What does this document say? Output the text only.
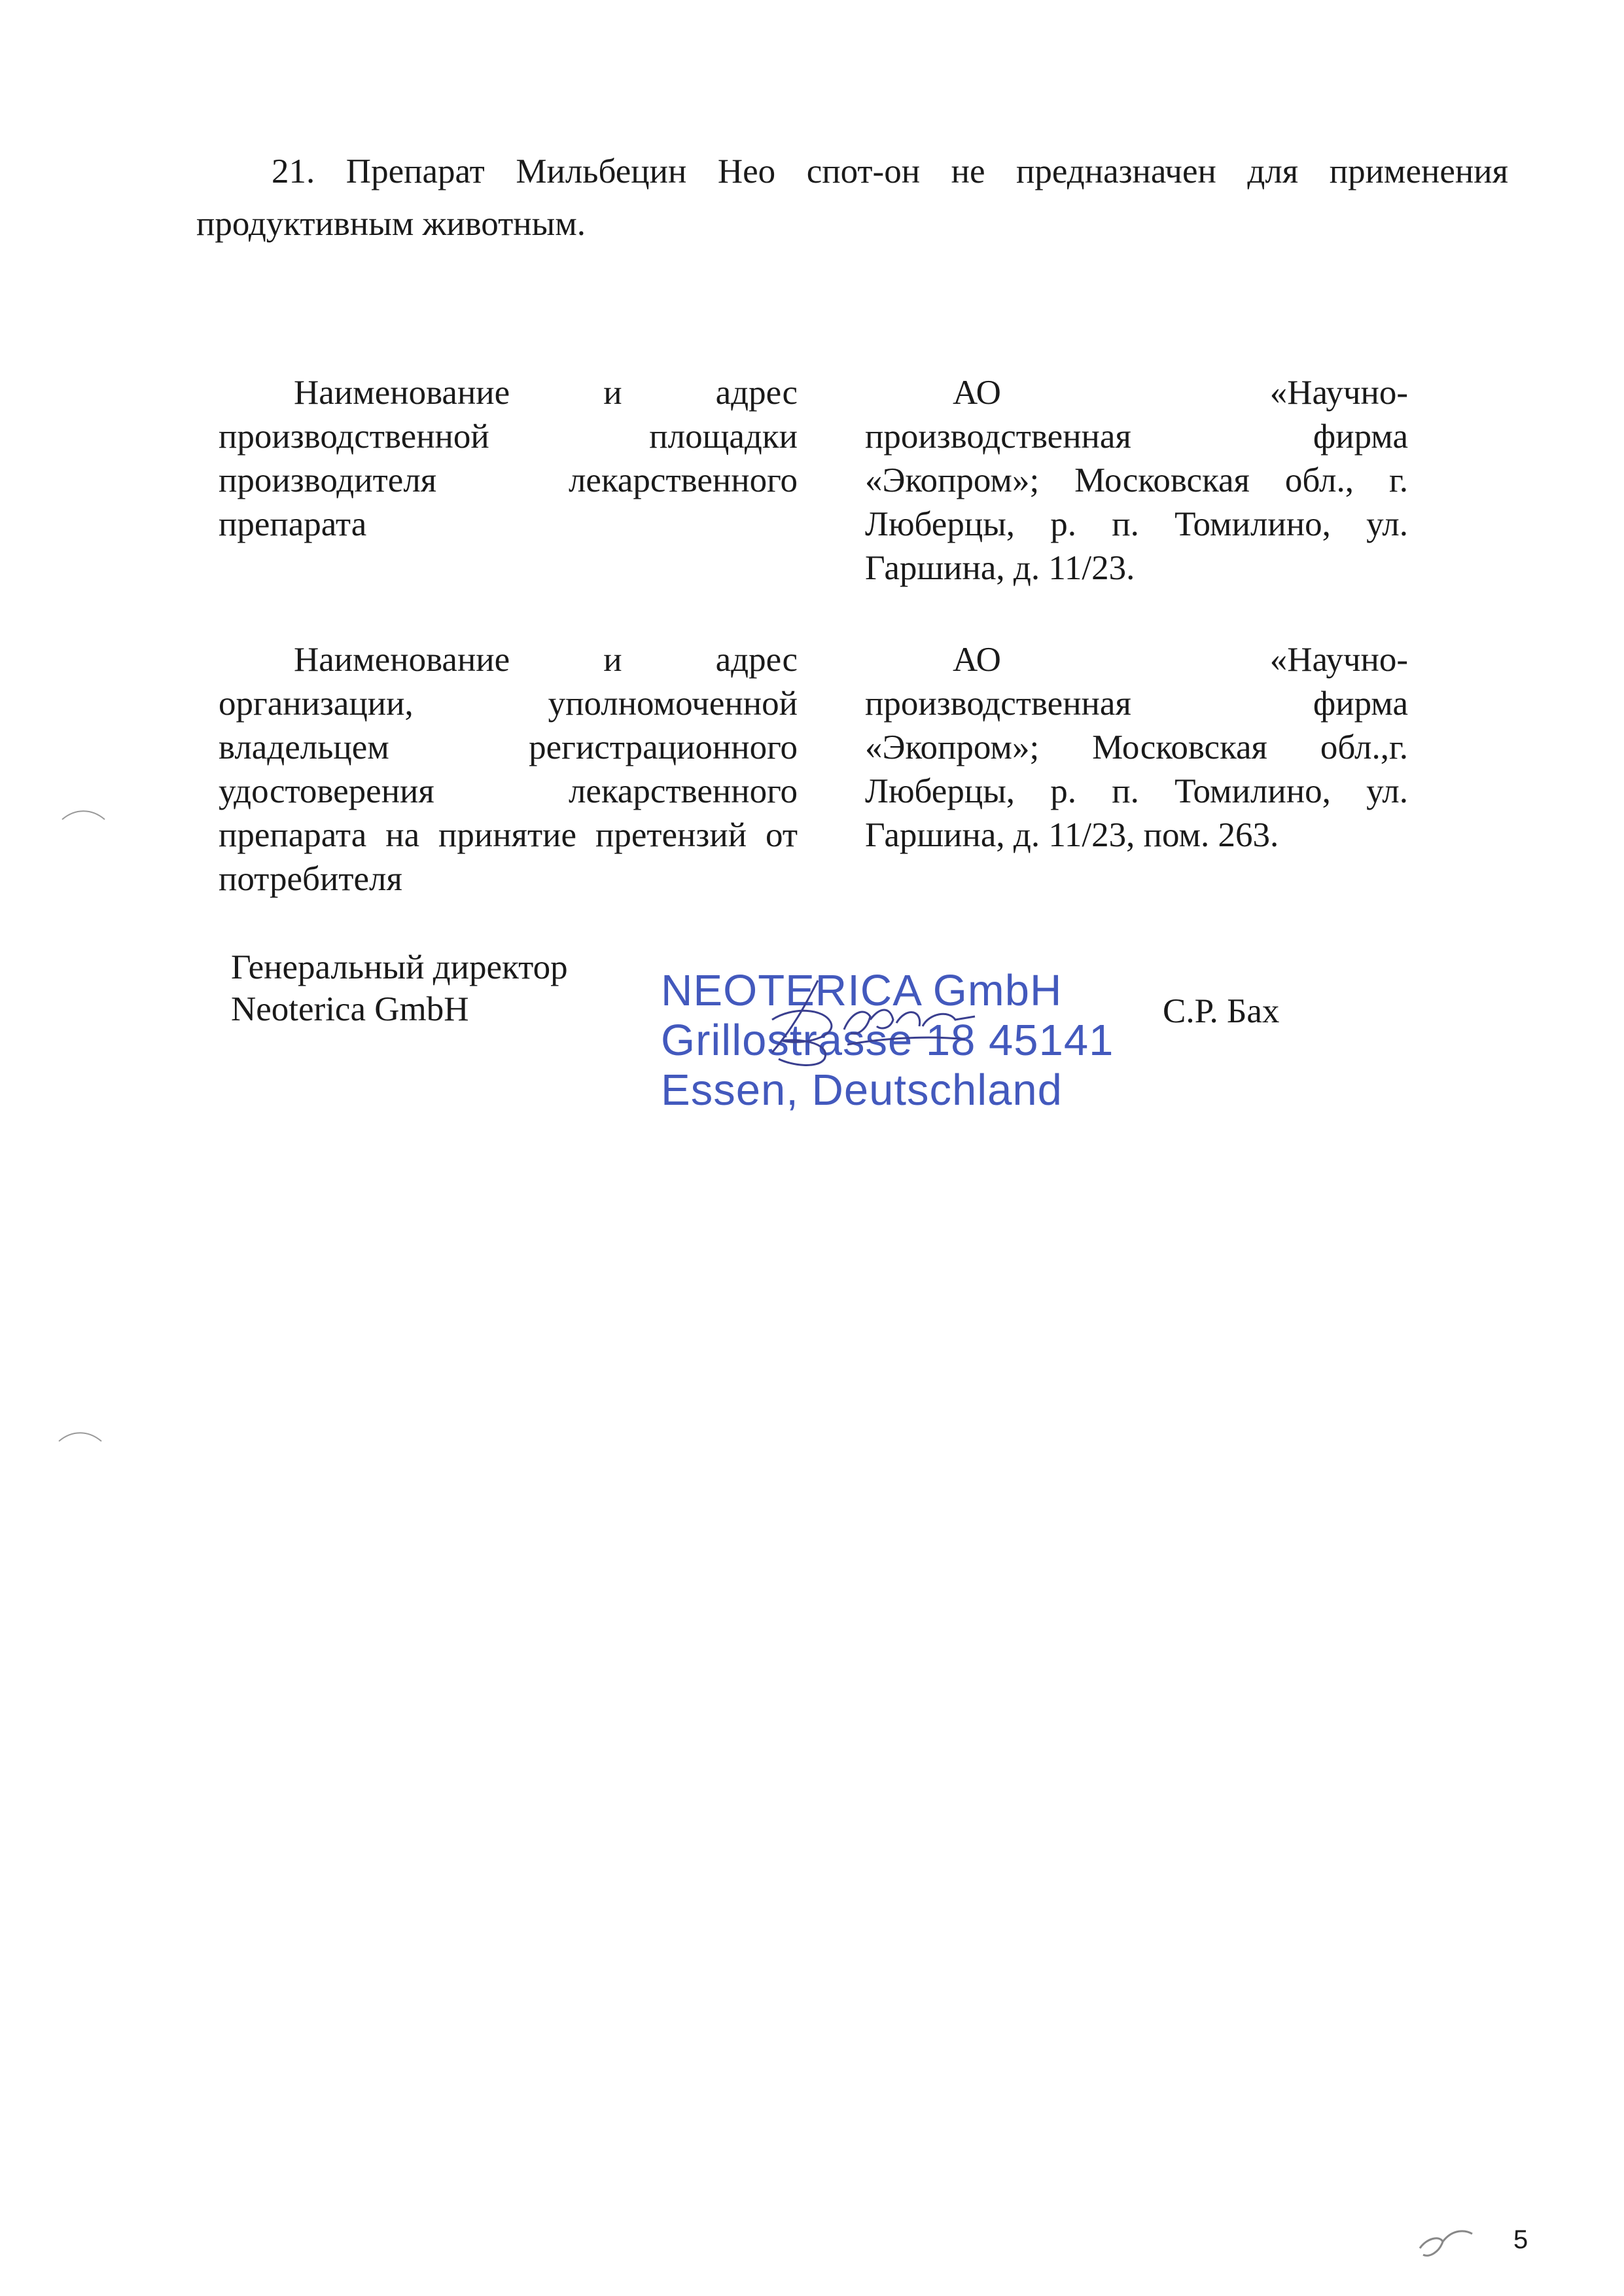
21. Препарат Мильбецин Нео спот-он не предназначен для применения продуктивным животным.
Наименование и адрес производственной площадки производителя лекарственного препарата
АО «Научно-производственная фирма «Экопром»; Московская обл., г. Люберцы, р. п. Томилино, ул. Гаршина, д. 11/23.
Наименование и адрес организации, уполномоченной владельцем регистрационного удостоверения лекарственного препарата на принятие претензий от потребителя
АО «Научно-производственная фирма «Экопром»; Московская обл.,г. Люберцы, р. п. Томилино, ул. Гаршина, д. 11/23, пом. 263.
Генеральный директор
Neoterica GmbH	NEOTERICA GmbH
Grillostrasse 18 45141
Essen, Deutschland
С.Р. Бах
5
